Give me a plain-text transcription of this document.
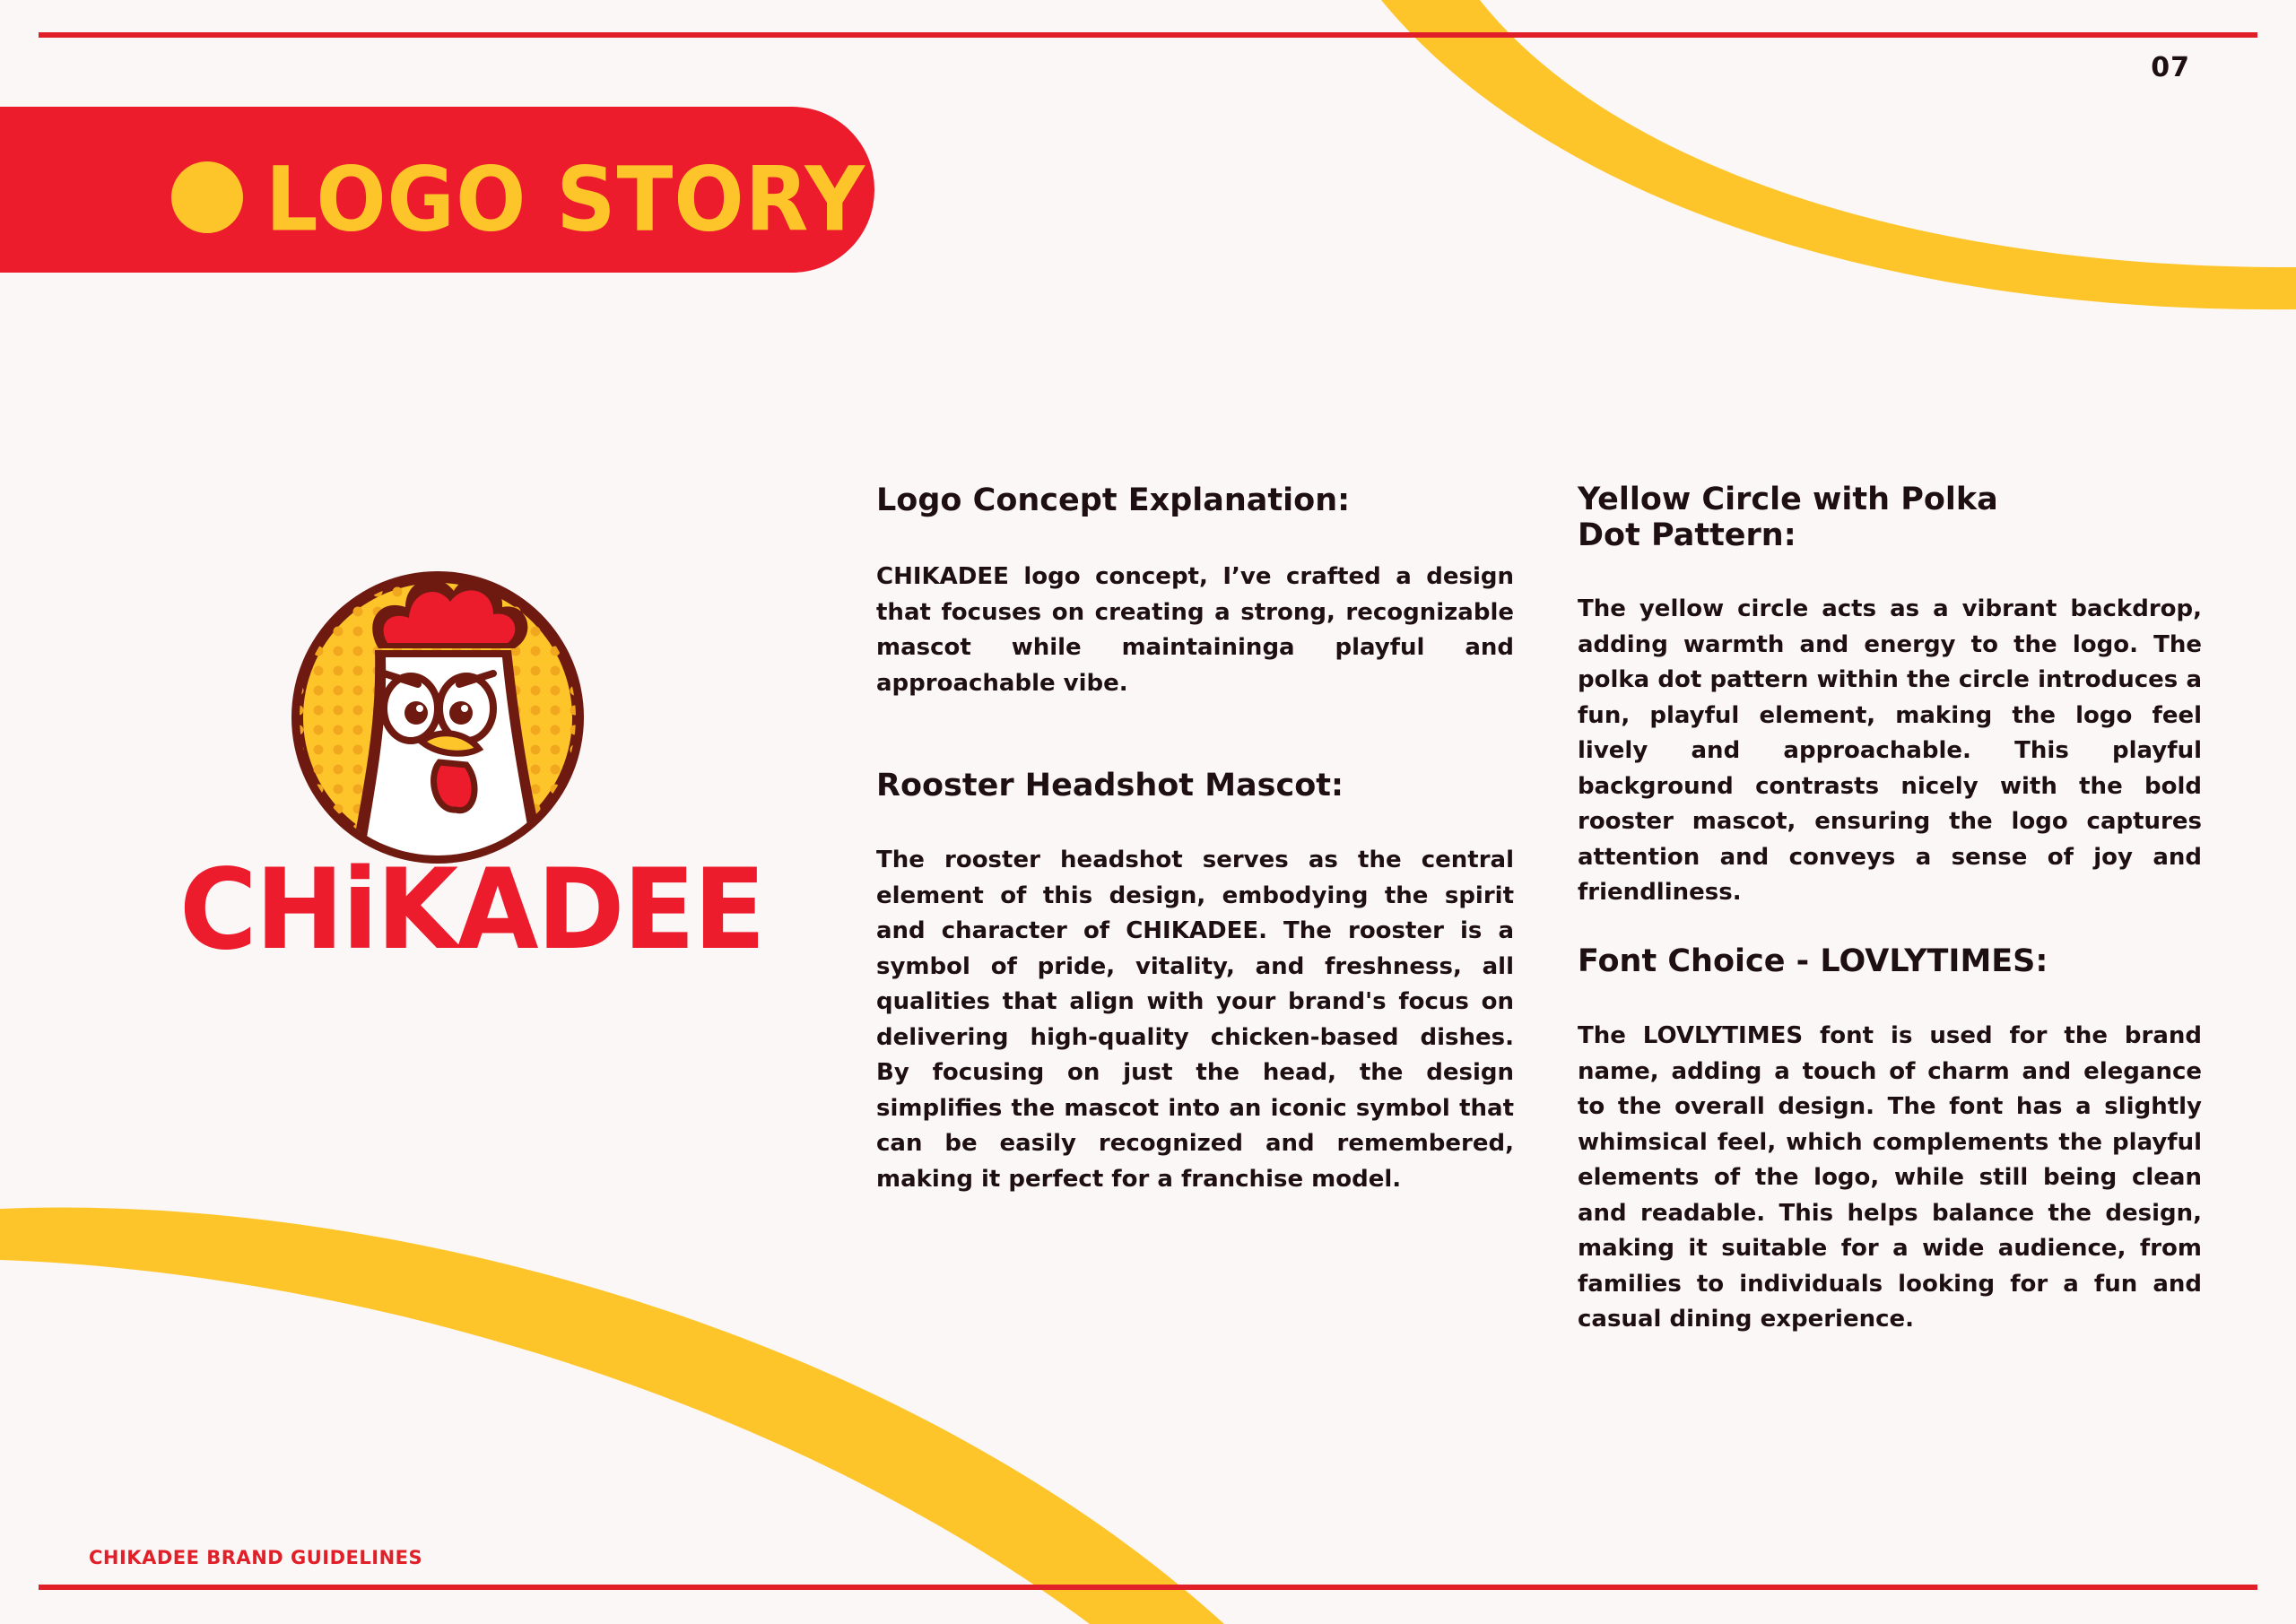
07
LOGO STORY
CHiKADEE
Logo Concept Explanation:

CHIKADEE logo concept, I’ve crafted a design that focuses on creating a strong, recognizable mascot while maintaininga playful and approachable vibe.

Rooster Headshot Mascot:

The rooster headshot serves as the central element of this design, embodying the spirit and character of CHIKADEE. The rooster is a symbol of pride, vitality, and freshness, all qualities that align with your brand's focus on delivering high-quality chicken-based dishes. By focusing on just the head, the design simplifies the mascot into an iconic symbol that can be easily recognized and remembered, making it perfect for a franchise model.

Yellow Circle with Polka Dot Pattern:

The yellow circle acts as a vibrant backdrop, adding warmth and energy to the logo. The polka dot pattern within the circle introduces a fun, playful element, making the logo feel lively and approachable. This playful background contrasts nicely with the bold rooster mascot, ensuring the logo captures attention and conveys a sense of joy and friendliness.

Font Choice - LOVLYTIMES:

The LOVLYTIMES font is used for the brand name, adding a touch of charm and elegance to the overall design. The font has a slightly whimsical feel, which complements the playful elements of the logo, while still being clean and readable. This helps balance the design, making it suitable for a wide audience, from families to individuals looking for a fun and casual dining experience.

CHIKADEE BRAND GUIDELINES
